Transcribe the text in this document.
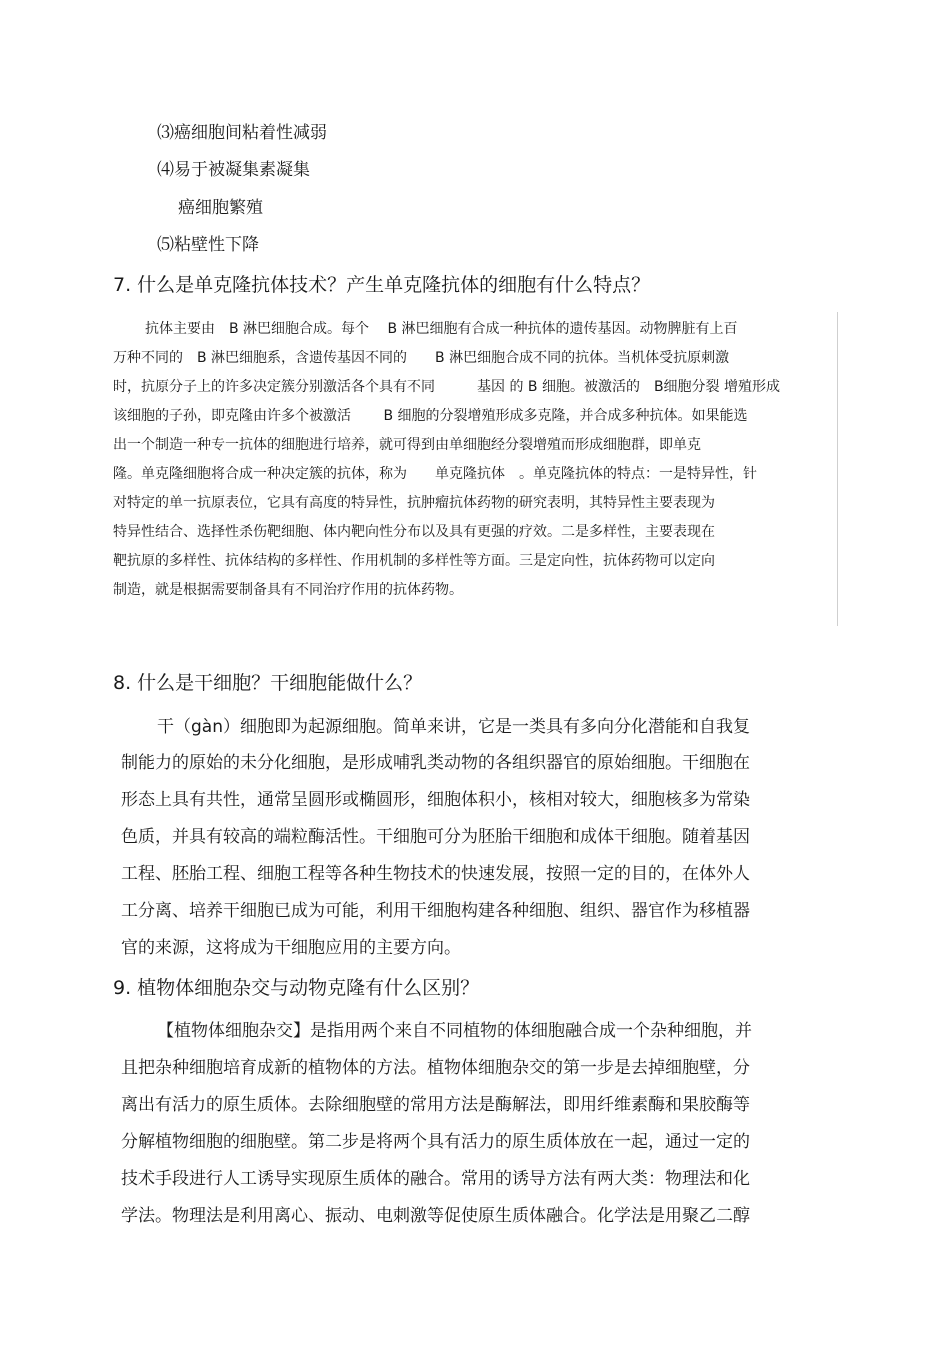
⑶癌细胞间粘着性减弱
⑷易于被凝集素凝集
癌细胞繁殖
⑸粘壁性下降
7. 什么是单克隆抗体技术？产生单克隆抗体的细胞有什么特点？
抗体主要由　B 淋巴细胞合成。每个　 B 淋巴细胞有合成一种抗体的遗传基因。动物脾脏有上百
万种不同的　B 淋巴细胞系，含遗传基因不同的　　B 淋巴细胞合成不同的抗体。当机体受抗原刺激
时，抗原分子上的许多决定簇分别激活各个具有不同　　　基因 的 B 细胞。被激活的　B细胞分裂 增殖形成
该细胞的子孙，即克隆由许多个被激活　　 B 细胞的分裂增殖形成多克隆，并合成多种抗体。如果能选
出一个制造一种专一抗体的细胞进行培养，就可得到由单细胞经分裂增殖而形成细胞群，即单克
隆。单克隆细胞将合成一种决定簇的抗体，称为　　单克隆抗体　。单克隆抗体的特点：一是特异性，针
对特定的单一抗原表位，它具有高度的特异性，抗肿瘤抗体药物的研究表明，其特异性主要表现为
特异性结合、选择性杀伤靶细胞、体内靶向性分布以及具有更强的疗效。二是多样性，主要表现在
靶抗原的多样性、抗体结构的多样性、作用机制的多样性等方面。三是定向性，抗体药物可以定向
制造，就是根据需要制备具有不同治疗作用的抗体药物。
8. 什么是干细胞？干细胞能做什么？
干（gàn）细胞即为起源细胞。简单来讲，它是一类具有多向分化潜能和自我复
制能力的原始的未分化细胞，是形成哺乳类动物的各组织器官的原始细胞。干细胞在
形态上具有共性，通常呈圆形或椭圆形，细胞体积小，核相对较大，细胞核多为常染
色质，并具有较高的端粒酶活性。干细胞可分为胚胎干细胞和成体干细胞。随着基因
工程、胚胎工程、细胞工程等各种生物技术的快速发展，按照一定的目的，在体外人
工分离、培养干细胞已成为可能，利用干细胞构建各种细胞、组织、器官作为移植器
官的来源，这将成为干细胞应用的主要方向。
9. 植物体细胞杂交与动物克隆有什么区别？
【植物体细胞杂交】是指用两个来自不同植物的体细胞融合成一个杂种细胞，并
且把杂种细胞培育成新的植物体的方法。植物体细胞杂交的第一步是去掉细胞壁，分
离出有活力的原生质体。去除细胞壁的常用方法是酶解法，即用纤维素酶和果胶酶等
分解植物细胞的细胞壁。第二步是将两个具有活力的原生质体放在一起，通过一定的
技术手段进行人工诱导实现原生质体的融合。常用的诱导方法有两大类：物理法和化
学法。物理法是利用离心、振动、电刺激等促使原生质体融合。化学法是用聚乙二醇
